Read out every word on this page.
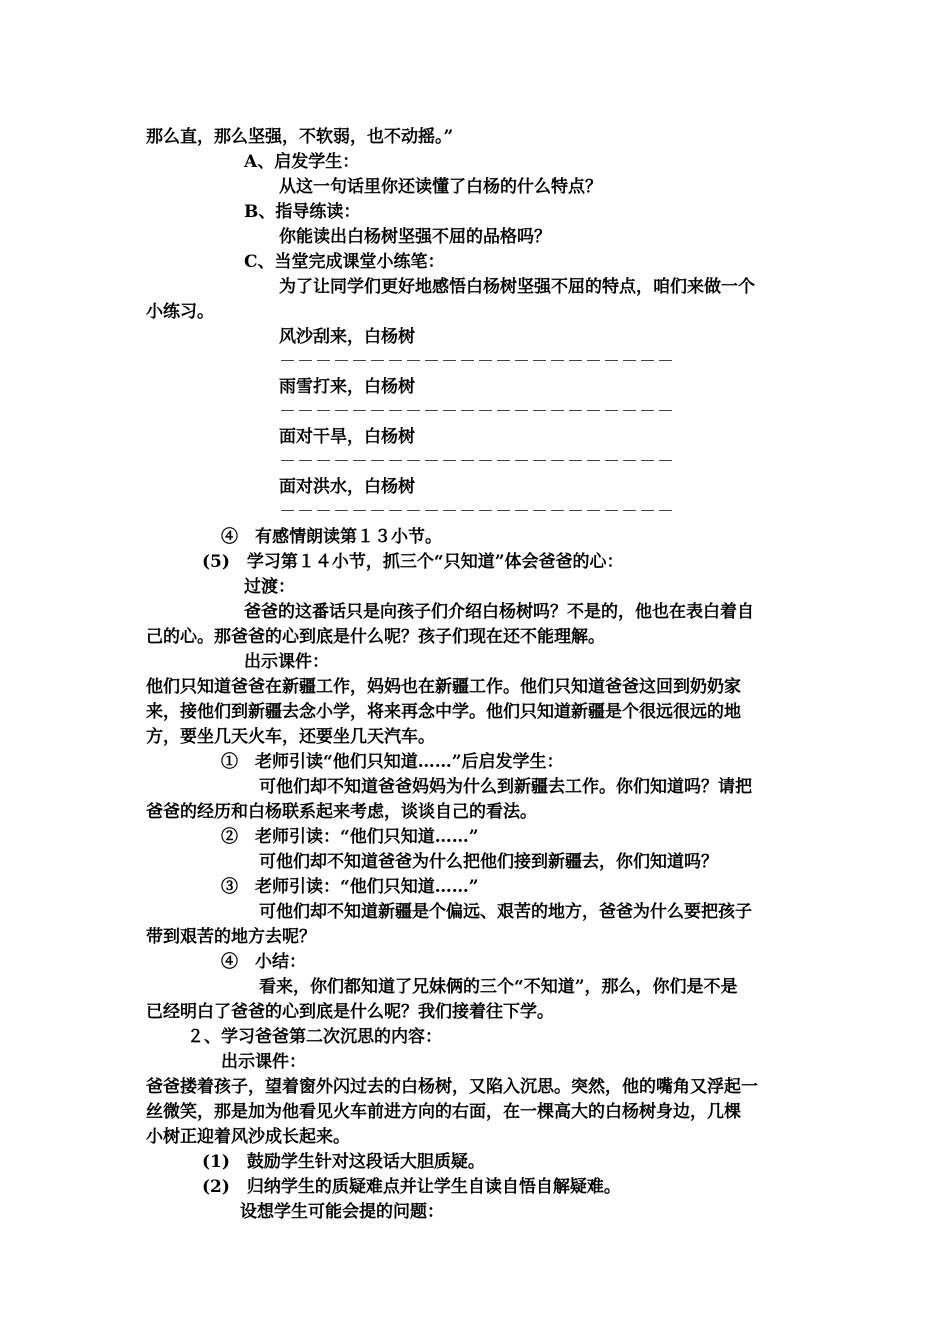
那么直，那么坚强，不软弱，也不动摇。”
A、启发学生：
从这一句话里你还读懂了白杨的什么特点？
B、指导练读：
你能读出白杨树坚强不屈的品格吗？
C、当堂完成课堂小练笔：
为了让同学们更好地感悟白杨树坚强不屈的特点，咱们来做一个
小练习。
风沙刮来，白杨树
－－－－－－－－－－－－－－－－－－－－－－
雨雪打来，白杨树
－－－－－－－－－－－－－－－－－－－－－－
面对干旱，白杨树
－－－－－－－－－－－－－－－－－－－－－－
面对洪水，白杨树
－－－－－－－－－－－－－－－－－－－－－－
④　有感情朗读第１３小节。
(5)　学习第１４小节，抓三个“只知道”体会爸爸的心：
过渡：
爸爸的这番话只是向孩子们介绍白杨树吗？不是的，他也在表白着自
己的心。那爸爸的心到底是什么呢？孩子们现在还不能理解。
出示课件：
他们只知道爸爸在新疆工作，妈妈也在新疆工作。他们只知道爸爸这回到奶奶家
来，接他们到新疆去念小学，将来再念中学。他们只知道新疆是个很远很远的地
方，要坐几天火车，还要坐几天汽车。
①　老师引读“他们只知道……”后启发学生：
可他们却不知道爸爸妈妈为什么到新疆去工作。你们知道吗？请把
爸爸的经历和白杨联系起来考虑，谈谈自己的看法。
②　老师引读：“他们只知道……”
可他们却不知道爸爸为什么把他们接到新疆去，你们知道吗？
③　老师引读：“他们只知道……”
可他们却不知道新疆是个偏远、艰苦的地方，爸爸为什么要把孩子
带到艰苦的地方去呢？
④　小结：
看来，你们都知道了兄妹俩的三个“不知道”，那么，你们是不是
已经明白了爸爸的心到底是什么呢？我们接着往下学。
２、学习爸爸第二次沉思的内容：
出示课件：
爸爸搂着孩子，望着窗外闪过去的白杨树，又陷入沉思。突然，他的嘴角又浮起一
丝微笑，那是加为他看见火车前进方向的右面，在一棵高大的白杨树身边，几棵
小树正迎着风沙成长起来。
(1)　鼓励学生针对这段话大胆质疑。
(2)　归纳学生的质疑难点并让学生自读自悟自解疑难。
设想学生可能会提的问题：
